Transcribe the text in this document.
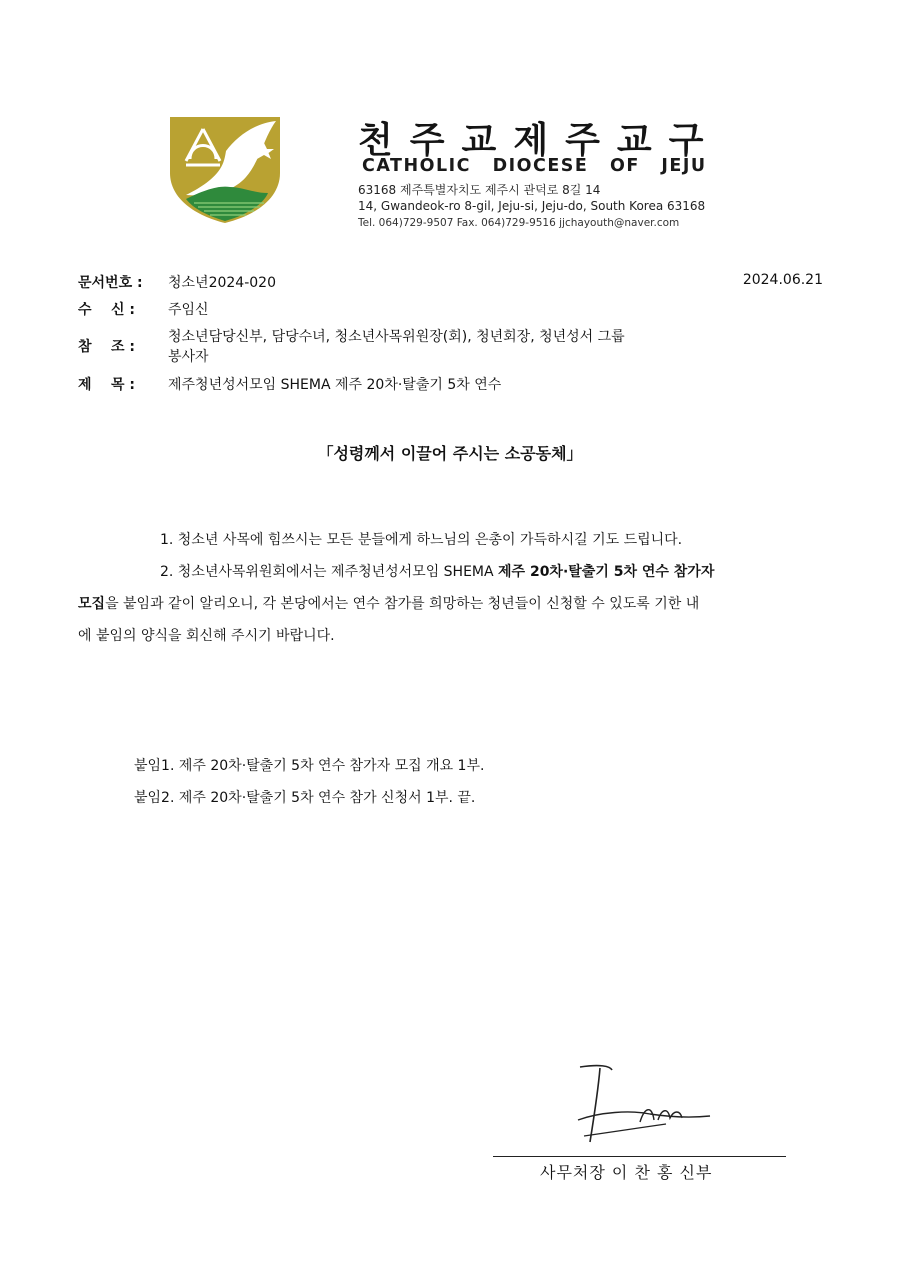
천주교제주교구
CATHOLIC DIOCESE OF JEJU
63168 제주특별자치도 제주시 관덕로 8길 14
14, Gwandeok-ro 8-gil, Jeju-si, Jeju-do, South Korea 63168
Tel. 064)729-9507 Fax. 064)729-9516 jjchayouth@naver.com
문서번호 : 청소년2024-020	2024.06.21
수    신 : 주임신
참    조 :
청소년담당신부, 담당수녀, 청소년사목위원장(회), 청년회장, 청년성서 그룹
봉사자
제    목 : 제주청년성서모임 SHEMA 제주 20차·탈출기 5차 연수
「성령께서 이끌어 주시는 소공동체」
1. 청소년 사목에 힘쓰시는 모든 분들에게 하느님의 은총이 가득하시길 기도 드립니다.
2. 청소년사목위원회에서는 제주청년성서모임 SHEMA 제주 20차·탈출기 5차 연수 참가자
모집을 붙임과 같이 알리오니, 각 본당에서는 연수 참가를 희망하는 청년들이 신청할 수 있도록 기한 내
에 붙임의 양식을 회신해 주시기 바랍니다.
붙임1. 제주 20차·탈출기 5차 연수 참가자 모집 개요 1부.
붙임2. 제주 20차·탈출기 5차 연수 참가 신청서 1부. 끝.
사무처장 이 찬 홍 신부
